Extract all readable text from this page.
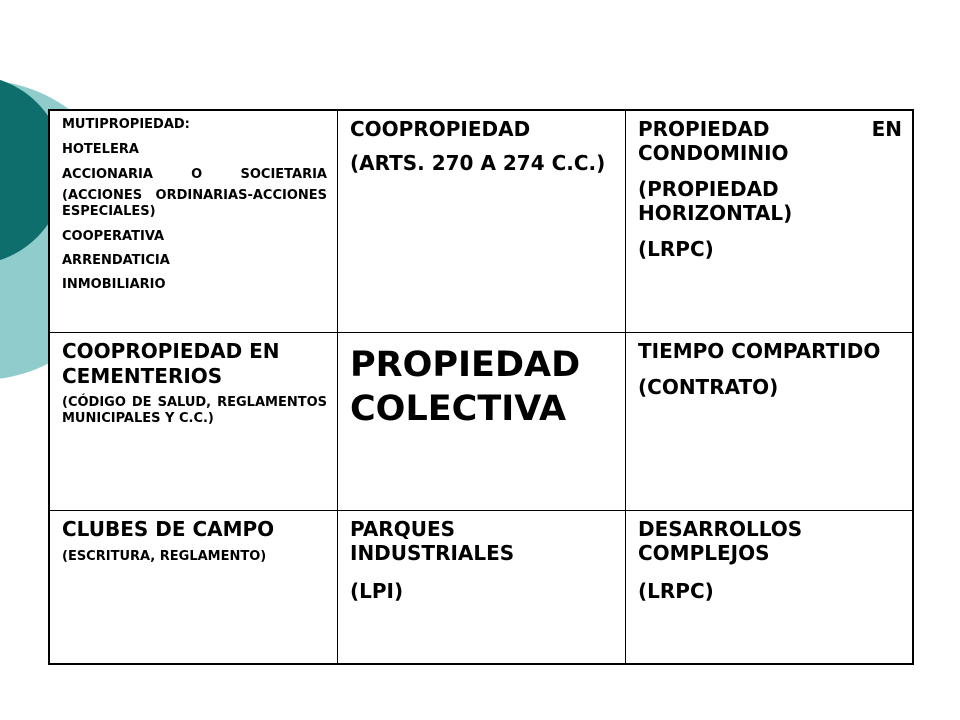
MUTIPROPIEDAD:

HOTELERA

ACCIONARIA O SOCIETARIA

(ACCIONES ORDINARIAS-ACCIONES ESPECIALES)

COOPERATIVA

ARRENDATICIA

INMOBILIARIO

COOPROPIEDAD

(ARTS. 270 A 274 C.C.)

PROPIEDAD EN CONDOMINIO

(PROPIEDAD HORIZONTAL)

(LRPC)

COOPROPIEDAD EN CEMENTERIOS

(CÓDIGO DE SALUD, REGLAMENTOS MUNICIPALES Y C.C.)

PROPIEDAD COLECTIVA

TIEMPO COMPARTIDO

(CONTRATO)

CLUBES DE CAMPO

(ESCRITURA, REGLAMENTO)

PARQUES INDUSTRIALES

(LPI)

DESARROLLOS COMPLEJOS

(LRPC)
